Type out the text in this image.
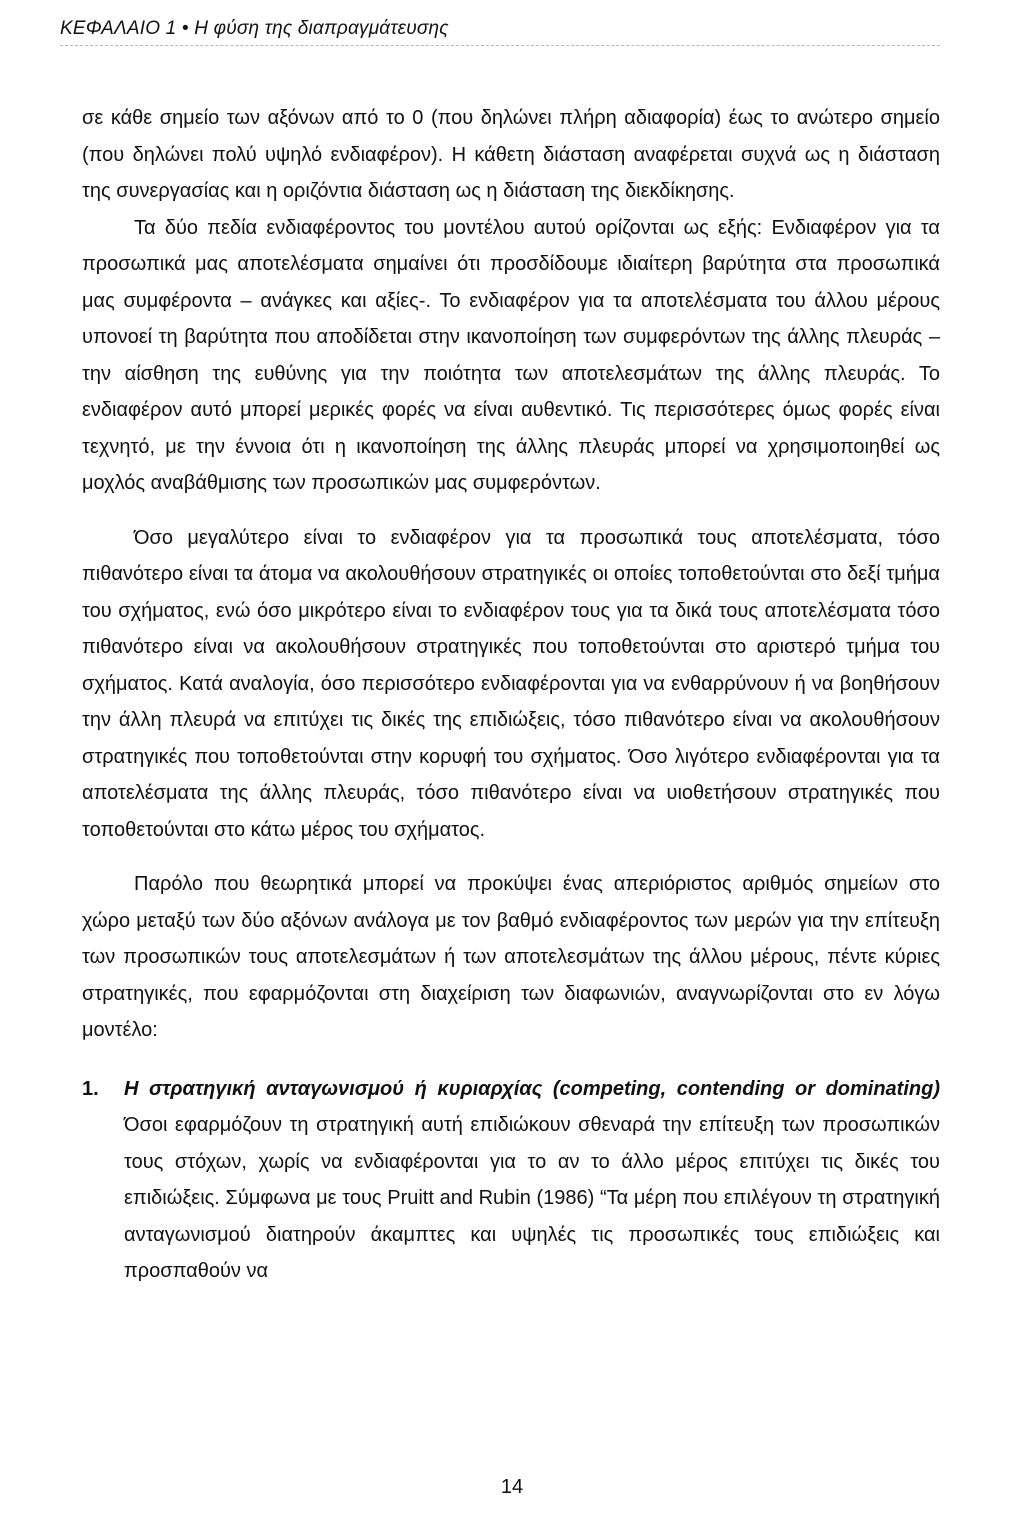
ΚΕΦΑΛΑΙΟ 1 • Η φύση της διαπραγμάτευσης

σε κάθε σημείο των αξόνων από το 0 (που δηλώνει πλήρη αδιαφορία) έως το ανώτερο σημείο (που δηλώνει πολύ υψηλό ενδιαφέρον). Η κάθετη διάσταση αναφέρεται συχνά ως η διάσταση της συνεργασίας και η οριζόντια διάσταση ως η διάσταση της διεκδίκησης.

Τα δύο πεδία ενδιαφέροντος του μοντέλου αυτού ορίζονται ως εξής: Ενδιαφέρον για τα προσωπικά μας αποτελέσματα σημαίνει ότι προσδίδουμε ιδιαίτερη βαρύτητα στα προσωπικά μας συμφέροντα – ανάγκες και αξίες-. Το ενδιαφέρον για τα αποτελέσματα του άλλου μέρους υπονοεί τη βαρύτητα που αποδίδεται στην ικανοποίηση των συμφερόντων της άλλης πλευράς – την αίσθηση της ευθύνης για την ποιότητα των αποτελεσμάτων της άλλης πλευράς. Το ενδιαφέρον αυτό μπορεί μερικές φορές να είναι αυθεντικό. Τις περισσότερες όμως φορές είναι τεχνητό, με την έννοια ότι η ικανοποίηση της άλλης πλευράς μπορεί να χρησιμοποιηθεί ως μοχλός αναβάθμισης των προσωπικών μας συμφερόντων.

Όσο μεγαλύτερο είναι το ενδιαφέρον για τα προσωπικά τους αποτελέσματα, τόσο πιθανότερο είναι τα άτομα να ακολουθήσουν στρατηγικές οι οποίες τοποθετούνται στο δεξί τμήμα του σχήματος, ενώ όσο μικρότερο είναι το ενδιαφέρον τους για τα δικά τους αποτελέσματα τόσο πιθανότερο είναι να ακολουθήσουν στρατηγικές που τοποθετούνται στο αριστερό τμήμα του σχήματος. Κατά αναλογία, όσο περισσότερο ενδιαφέρονται για να ενθαρρύνουν ή να βοηθήσουν την άλλη πλευρά να επιτύχει τις δικές της επιδιώξεις, τόσο πιθανότερο είναι να ακολουθήσουν στρατηγικές που τοποθετούνται στην κορυφή του σχήματος. Όσο λιγότερο ενδιαφέρονται για τα αποτελέσματα της άλλης πλευράς, τόσο πιθανότερο είναι να υιοθετήσουν στρατηγικές που τοποθετούνται στο κάτω μέρος του σχήματος.

Παρόλο που θεωρητικά μπορεί να προκύψει ένας απεριόριστος αριθμός σημείων στο χώρο μεταξύ των δύο αξόνων ανάλογα με τον βαθμό ενδιαφέροντος των μερών για την επίτευξη των προσωπικών τους αποτελεσμάτων ή των αποτελεσμάτων της άλλου μέρους, πέντε κύριες στρατηγικές, που εφαρμόζονται στη διαχείριση των διαφωνιών, αναγνωρίζονται στο εν λόγω μοντέλο:

1. Η στρατηγική ανταγωνισμού ή κυριαρχίας (competing, contending or dominating) Όσοι εφαρμόζουν τη στρατηγική αυτή επιδιώκουν σθεναρά την επίτευξη των προσωπικών τους στόχων, χωρίς να ενδιαφέρονται για το αν το άλλο μέρος επιτύχει τις δικές του επιδιώξεις. Σύμφωνα με τους Pruitt and Rubin (1986) “Τα μέρη που επιλέγουν τη στρατηγική ανταγωνισμού διατηρούν άκαμπτες και υψηλές τις προσωπικές τους επιδιώξεις και προσπαθούν να

14
